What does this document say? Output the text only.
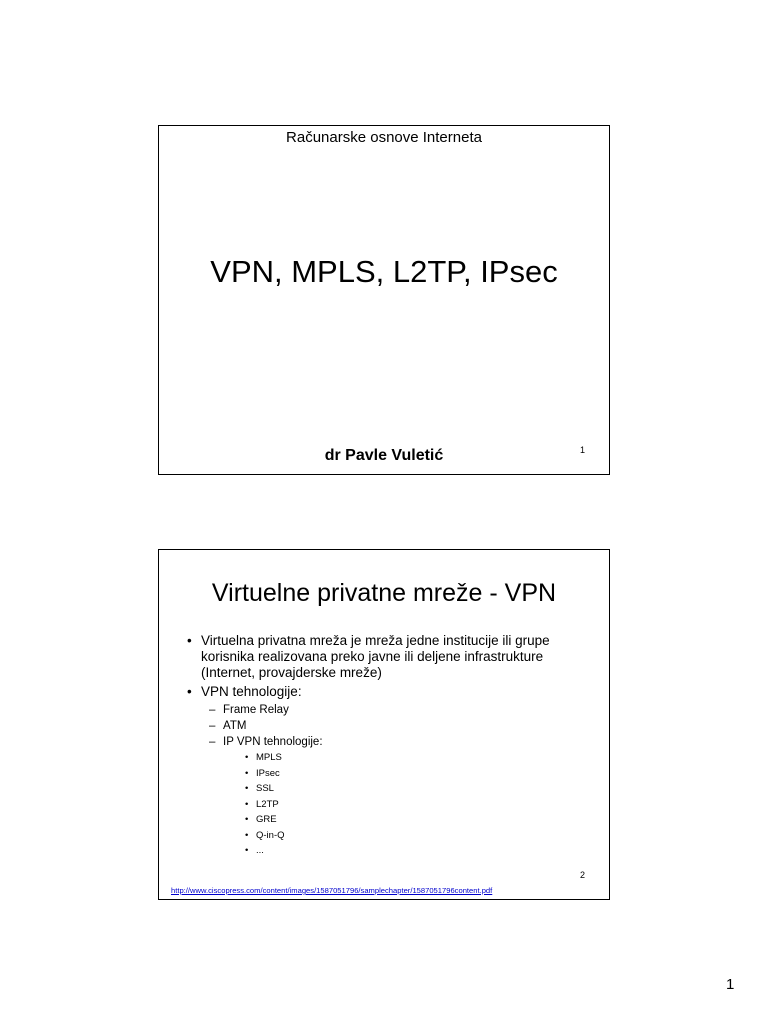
Računarske osnove Interneta
VPN, MPLS, L2TP, IPsec
dr Pavle Vuletić	1
Virtuelne privatne mreže - VPN
• Virtuelna privatna mreža je mreža jedne institucije ili grupe korisnika realizovana preko javne ili deljene infrastrukture (Internet, provajderske mreže)
• VPN tehnologije:
– Frame Relay
– ATM
– IP VPN tehnologije:
• MPLS
• IPsec
• SSL
• L2TP
• GRE
• Q-in-Q
• ...
2
http://www.ciscopress.com/content/images/1587051796/samplechapter/1587051796content.pdf
1
